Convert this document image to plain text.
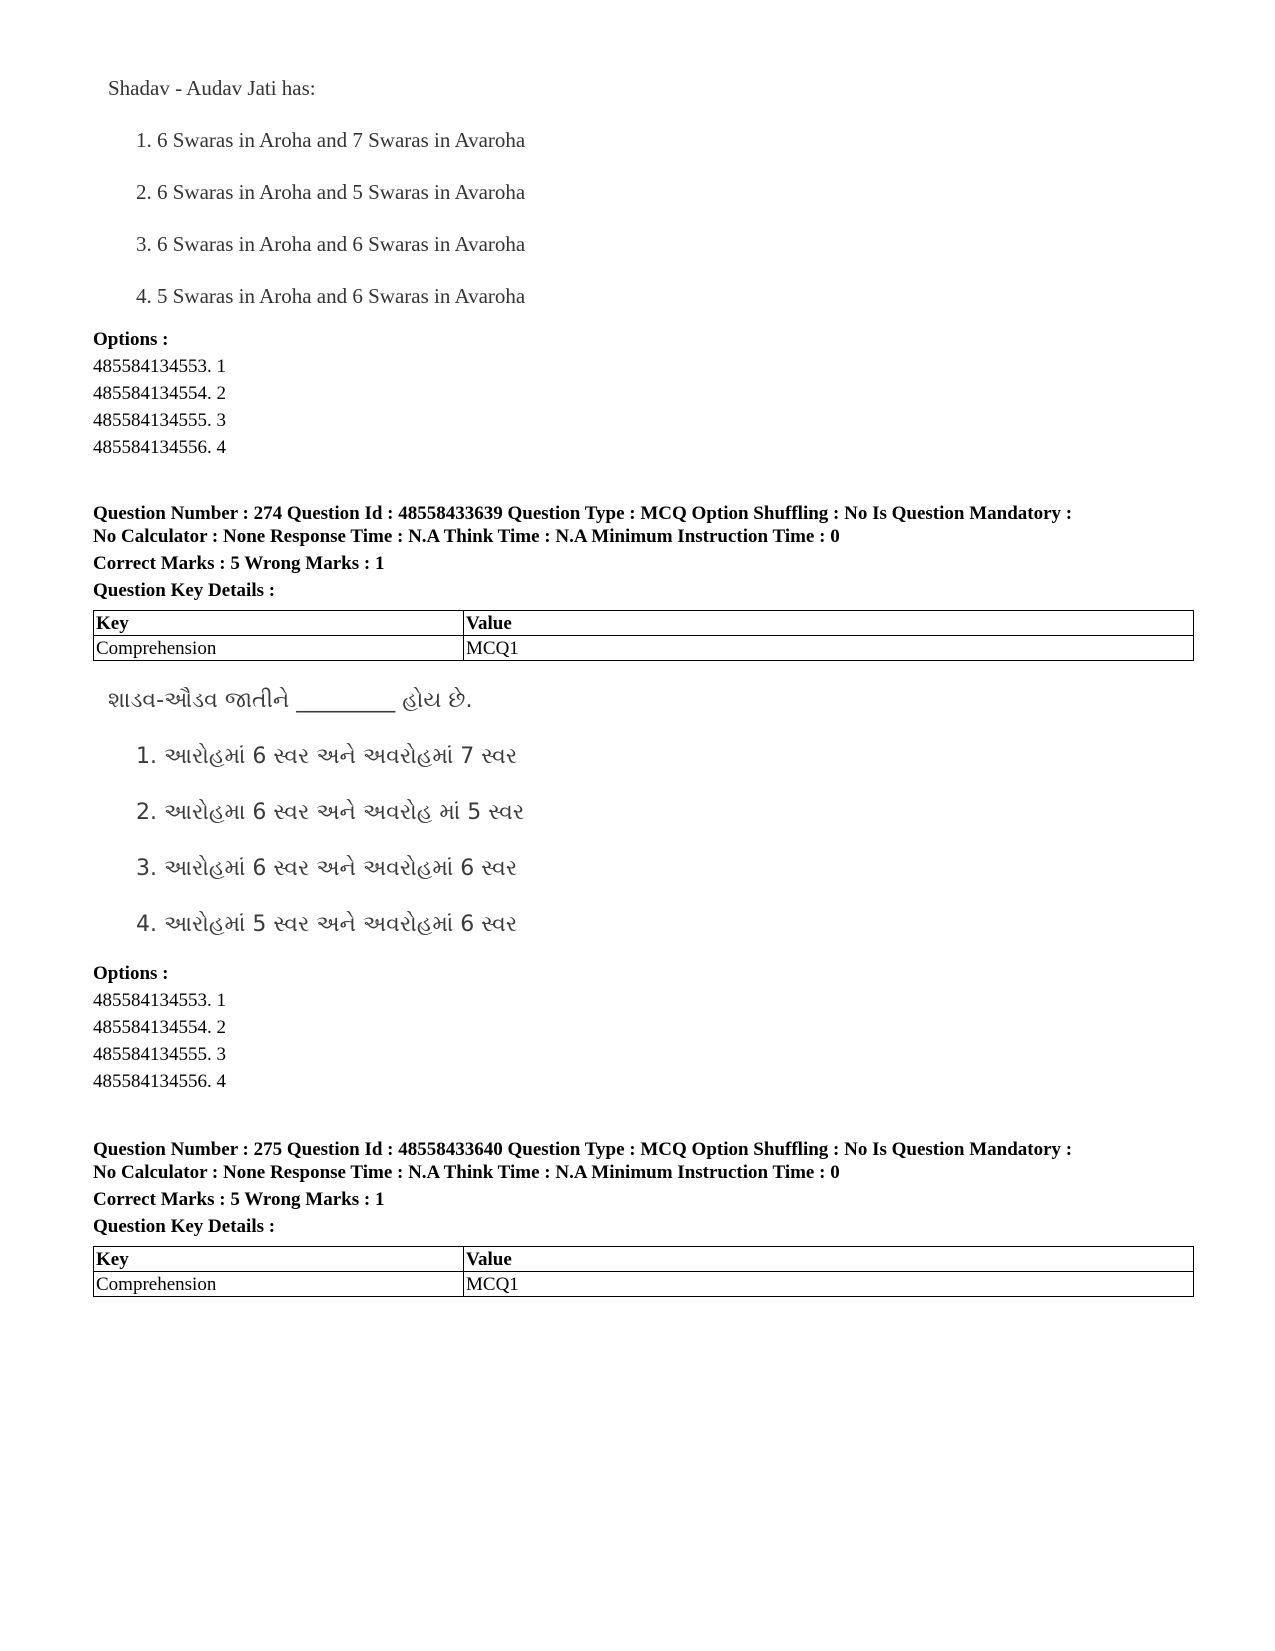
Shadav - Audav Jati has:
1. 6 Swaras in Aroha and 7 Swaras in Avaroha
2. 6 Swaras in Aroha and 5 Swaras in Avaroha
3. 6 Swaras in Aroha and 6 Swaras in Avaroha
4. 5 Swaras in Aroha and 6 Swaras in Avaroha
Options :
485584134553. 1
485584134554. 2
485584134555. 3
485584134556. 4
Question Number : 274 Question Id : 48558433639 Question Type : MCQ Option Shuffling : No Is Question Mandatory :
No Calculator : None Response Time : N.A Think Time : N.A Minimum Instruction Time : 0
Correct Marks : 5 Wrong Marks : 1
Question Key Details :
Key	Value
Comprehension	MCQ1
શાડવ-ઔડવ જાતીને _________ હોય છે.
1. આરોહમાં 6 સ્વર અને અવરોહમાં 7 સ્વર
2. આરોહમા 6 સ્વર અને અવરોહ માં 5 સ્વર
3. આરોહમાં 6 સ્વર અને અવરોહમાં 6 સ્વર
4. આરોહમાં 5 સ્વર અને અવરોહમાં 6 સ્વર
Options :
485584134553. 1
485584134554. 2
485584134555. 3
485584134556. 4
Question Number : 275 Question Id : 48558433640 Question Type : MCQ Option Shuffling : No Is Question Mandatory :
No Calculator : None Response Time : N.A Think Time : N.A Minimum Instruction Time : 0
Correct Marks : 5 Wrong Marks : 1
Question Key Details :
Key	Value
Comprehension	MCQ1
